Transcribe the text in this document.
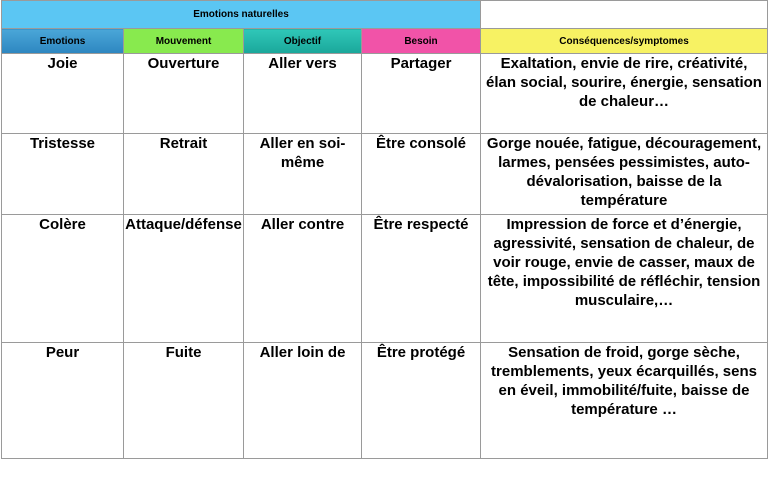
Emotions naturelles				
Emotions	Mouvement	Objectif	Besoin	Conséquences/symptomes
Joie	Ouverture	Aller vers	Partager	Exaltation, envie de rire, créativité, élan social, sourire, énergie, sensation de chaleur…
Tristesse	Retrait	Aller en soi-même	Être consolé	Gorge nouée, fatigue, découragement, larmes, pensées pessimistes, auto-dévalorisation, baisse de la température
Colère	Attaque/défense	Aller contre	Être respecté	Impression de force et d’énergie, agressivité, sensation de chaleur, de voir rouge, envie de casser, maux de tête, impossibilité de réfléchir, tension musculaire,…
Peur	Fuite	Aller loin de	Être protégé	Sensation de froid, gorge sèche, tremblements, yeux écarquillés, sens en éveil, immobilité/fuite, baisse de température …
